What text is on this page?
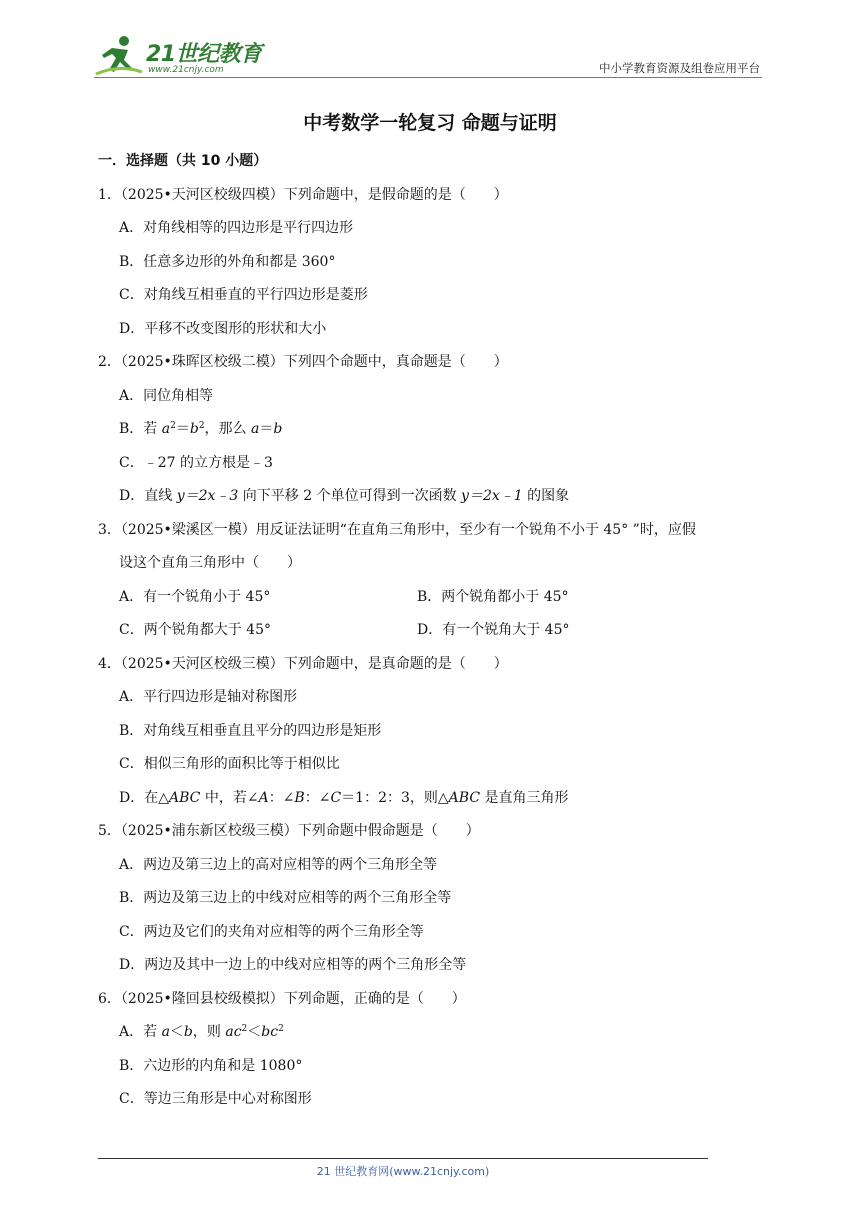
21世纪教育
www.21cnjy.com	中小学教育资源及组卷应用平台
中考数学一轮复习 命题与证明
一．选择题（共 10 小题）
1．（2025•天河区校级四模）下列命题中，是假命题的是（　　）
A．对角线相等的四边形是平行四边形
B．任意多边形的外角和都是 360°
C．对角线互相垂直的平行四边形是菱形
D．平移不改变图形的形状和大小
2．（2025•珠晖区校级二模）下列四个命题中，真命题是（　　）
A．同位角相等
B．若 $a^2=b^2$，那么 a＝b
C．﹣27 的立方根是﹣3
D．直线 y＝2x﹣3 向下平移 2 个单位可得到一次函数 y＝2x﹣1 的图象
3．（2025•梁溪区一模）用反证法证明“在直角三角形中，至少有一个锐角不小于 45° ”时，应假
设这个直角三角形中（　　）
A．有一个锐角小于 45°	B．两个锐角都小于 45°
C．两个锐角都大于 45°	D．有一个锐角大于 45°
4．（2025•天河区校级三模）下列命题中，是真命题的是（　　）
A．平行四边形是轴对称图形
B．对角线互相垂直且平分的四边形是矩形
C．相似三角形的面积比等于相似比
D．在△ABC 中，若∠A：∠B：∠C＝1：2：3，则△ABC 是直角三角形
5．（2025•浦东新区校级三模）下列命题中假命题是（　　）
A．两边及第三边上的高对应相等的两个三角形全等
B．两边及第三边上的中线对应相等的两个三角形全等
C．两边及它们的夹角对应相等的两个三角形全等
D．两边及其中一边上的中线对应相等的两个三角形全等
6．（2025•隆回县校级模拟）下列命题，正确的是（　　）
A．若 a＜b，则 $ac^2<bc^2$
B．六边形的内角和是 1080°
C．等边三角形是中心对称图形
21 世纪教育网(www.21cnjy.com)
